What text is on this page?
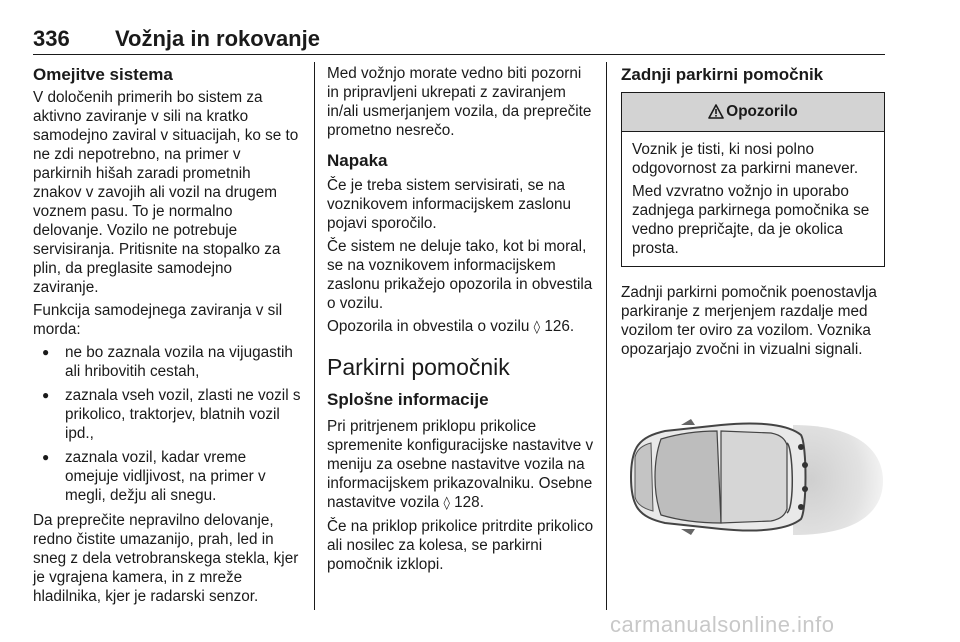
336 Vožnja in rokovanje
Omejitve sistema

V določenih primerih bo sistem za aktivno zaviranje v sili na kratko samodejno zaviral v situacijah, ko se to ne zdi nepotrebno, na primer v parkirnih hišah zaradi prometnih znakov v zavojih ali vozil na drugem voznem pasu. To je normalno delovanje. Vozilo ne potrebuje servisiranja. Pritisnite na stopalko za plin, da preglasite samodejno zaviranje.

Funkcija samodejnega zaviranja v sil morda:

● ne bo zaznala vozila na vijugastih ali hribovitih cestah,
● zaznala vseh vozil, zlasti ne vozil s prikolico, traktorjev, blatnih vozil ipd.,
● zaznala vozil, kadar vreme omejuje vidljivost, na primer v megli, dežju ali snegu.

Da preprečite nepravilno delovanje, redno čistite umazanijo, prah, led in sneg z dela vetrobranskega stekla, kjer je vgrajena kamera, in z mreže hladilnika, kjer je radarski senzor.

Med vožnjo morate vedno biti pozorni in pripravljeni ukrepati z zaviranjem in/ali usmerjanjem vozila, da preprečite prometno nesrečo.

Napaka

Če je treba sistem servisirati, se na voznikovem informacijskem zaslonu pojavi sporočilo.

Če sistem ne deluje tako, kot bi moral, se na voznikovem informacijskem zaslonu prikažejo opozorila in obvestila o vozilu.

Opozorila in obvestila o vozilu ◊ 126.

Parkirni pomočnik
Splošne informacije

Pri pritrjenem priklopu prikolice spremenite konfiguracijske nastavitve v meniju za osebne nastavitve vozila na informacijskem prikazovalniku. Osebne nastavitve vozila ◊ 128.

Če na priklop prikolice pritrdite prikolico ali nosilec za kolesa, se parkirni pomočnik izklopi.

Zadnji parkirni pomočnik
Opozorilo

Voznik je tisti, ki nosi polno odgovornost za parkirni manever.

Med vzvratno vožnjo in uporabo zadnjega parkirnega pomočnika se vedno prepričajte, da je okolica prosta.

Zadnji parkirni pomočnik poenostavlja parkiranje z merjenjem razdalje med vozilom ter oviro za vozilom. Voznika opozarjajo zvočni in vizualni signali.

carmanualsonline.info
